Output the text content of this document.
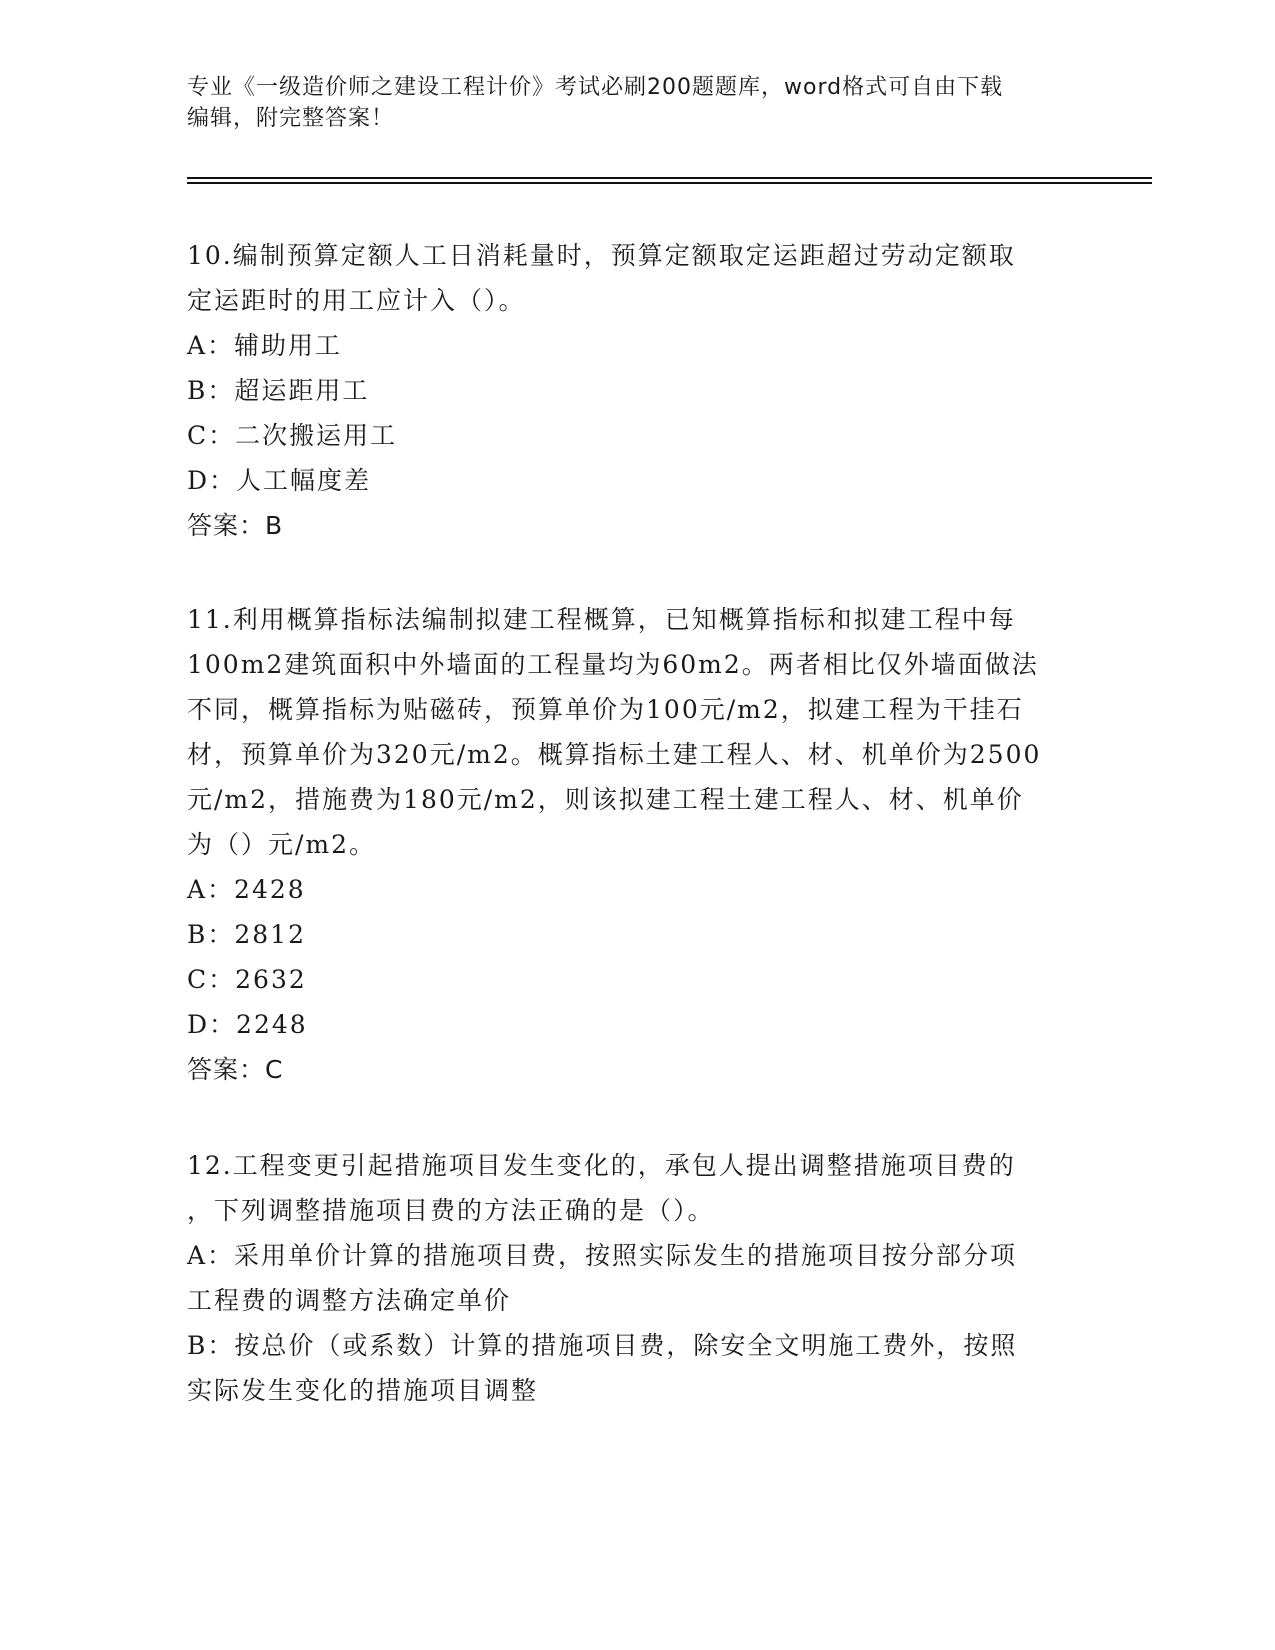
专业《一级造价师之建设工程计价》考试必刷200题题库，word格式可自由下载
编辑，附完整答案！

10.编制预算定额人工日消耗量时，预算定额取定运距超过劳动定额取

定运距时的用工应计入（）。

A：辅助用工

B：超运距用工

C：二次搬运用工

D：人工幅度差

答案：B

11.利用概算指标法编制拟建工程概算，已知概算指标和拟建工程中每

100m2建筑面积中外墙面的工程量均为60m2。两者相比仅外墙面做法

不同，概算指标为贴磁砖，预算单价为100元/m2，拟建工程为干挂石

材，预算单价为320元/m2。概算指标土建工程人、材、机单价为2500

元/m2，措施费为180元/m2，则该拟建工程土建工程人、材、机单价

为（）元/m2。

A：2428

B：2812

C：2632

D：2248

答案：C

12.工程变更引起措施项目发生变化的，承包人提出调整措施项目费的

，下列调整措施项目费的方法正确的是（）。

A：采用单价计算的措施项目费，按照实际发生的措施项目按分部分项

工程费的调整方法确定单价

B：按总价（或系数）计算的措施项目费，除安全文明施工费外，按照

实际发生变化的措施项目调整
